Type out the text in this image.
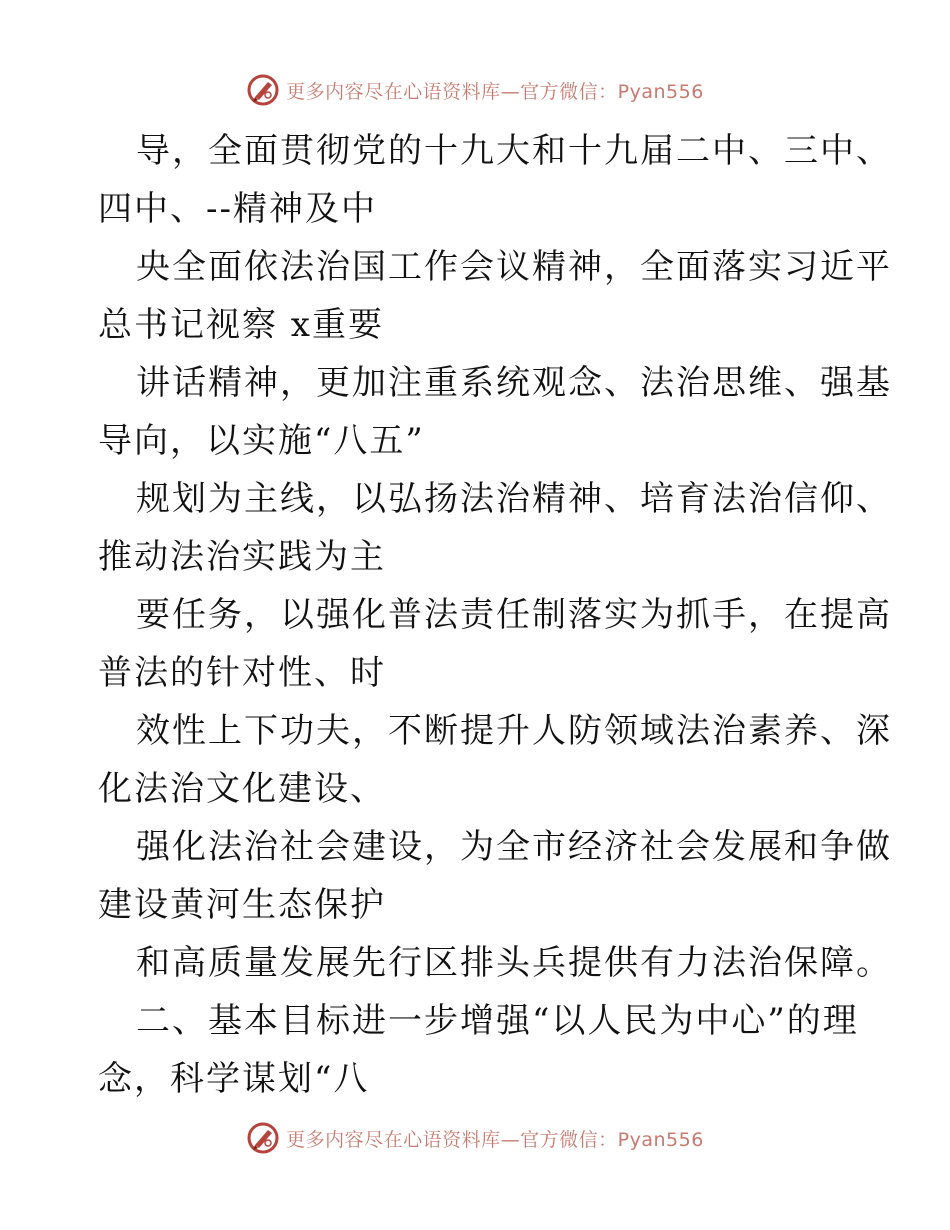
更多内容尽在心语资料库—官方微信：Pyan556
导，全面贯彻党的十九大和十九届二中、三中、
四中、--精神及中
央全面依法治国工作会议精神，全面落实习近平
总书记视察 x重要
讲话精神，更加注重系统观念、法治思维、强基
导向，以实施“八五”
规划为主线，以弘扬法治精神、培育法治信仰、
推动法治实践为主
要任务，以强化普法责任制落实为抓手，在提高
普法的针对性、时
效性上下功夫，不断提升人防领域法治素养、深
化法治文化建设、
强化法治社会建设，为全市经济社会发展和争做
建设黄河生态保护
和高质量发展先行区排头兵提供有力法治保障。
二、基本目标进一步增强“以人民为中心”的理
念，科学谋划“八
更多内容尽在心语资料库—官方微信：Pyan556
